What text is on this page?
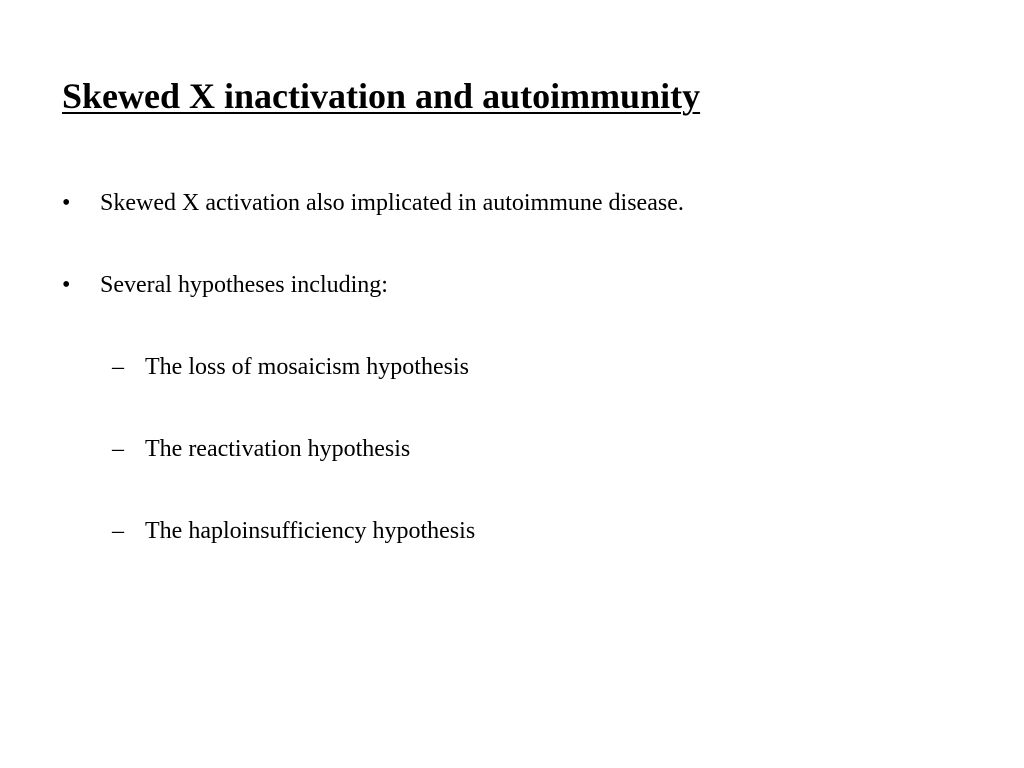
Skewed X inactivation and autoimmunity
• Skewed X activation also implicated in autoimmune disease.
• Several hypotheses including:
– The loss of mosaicism hypothesis
– The reactivation hypothesis
– The haploinsufficiency hypothesis
